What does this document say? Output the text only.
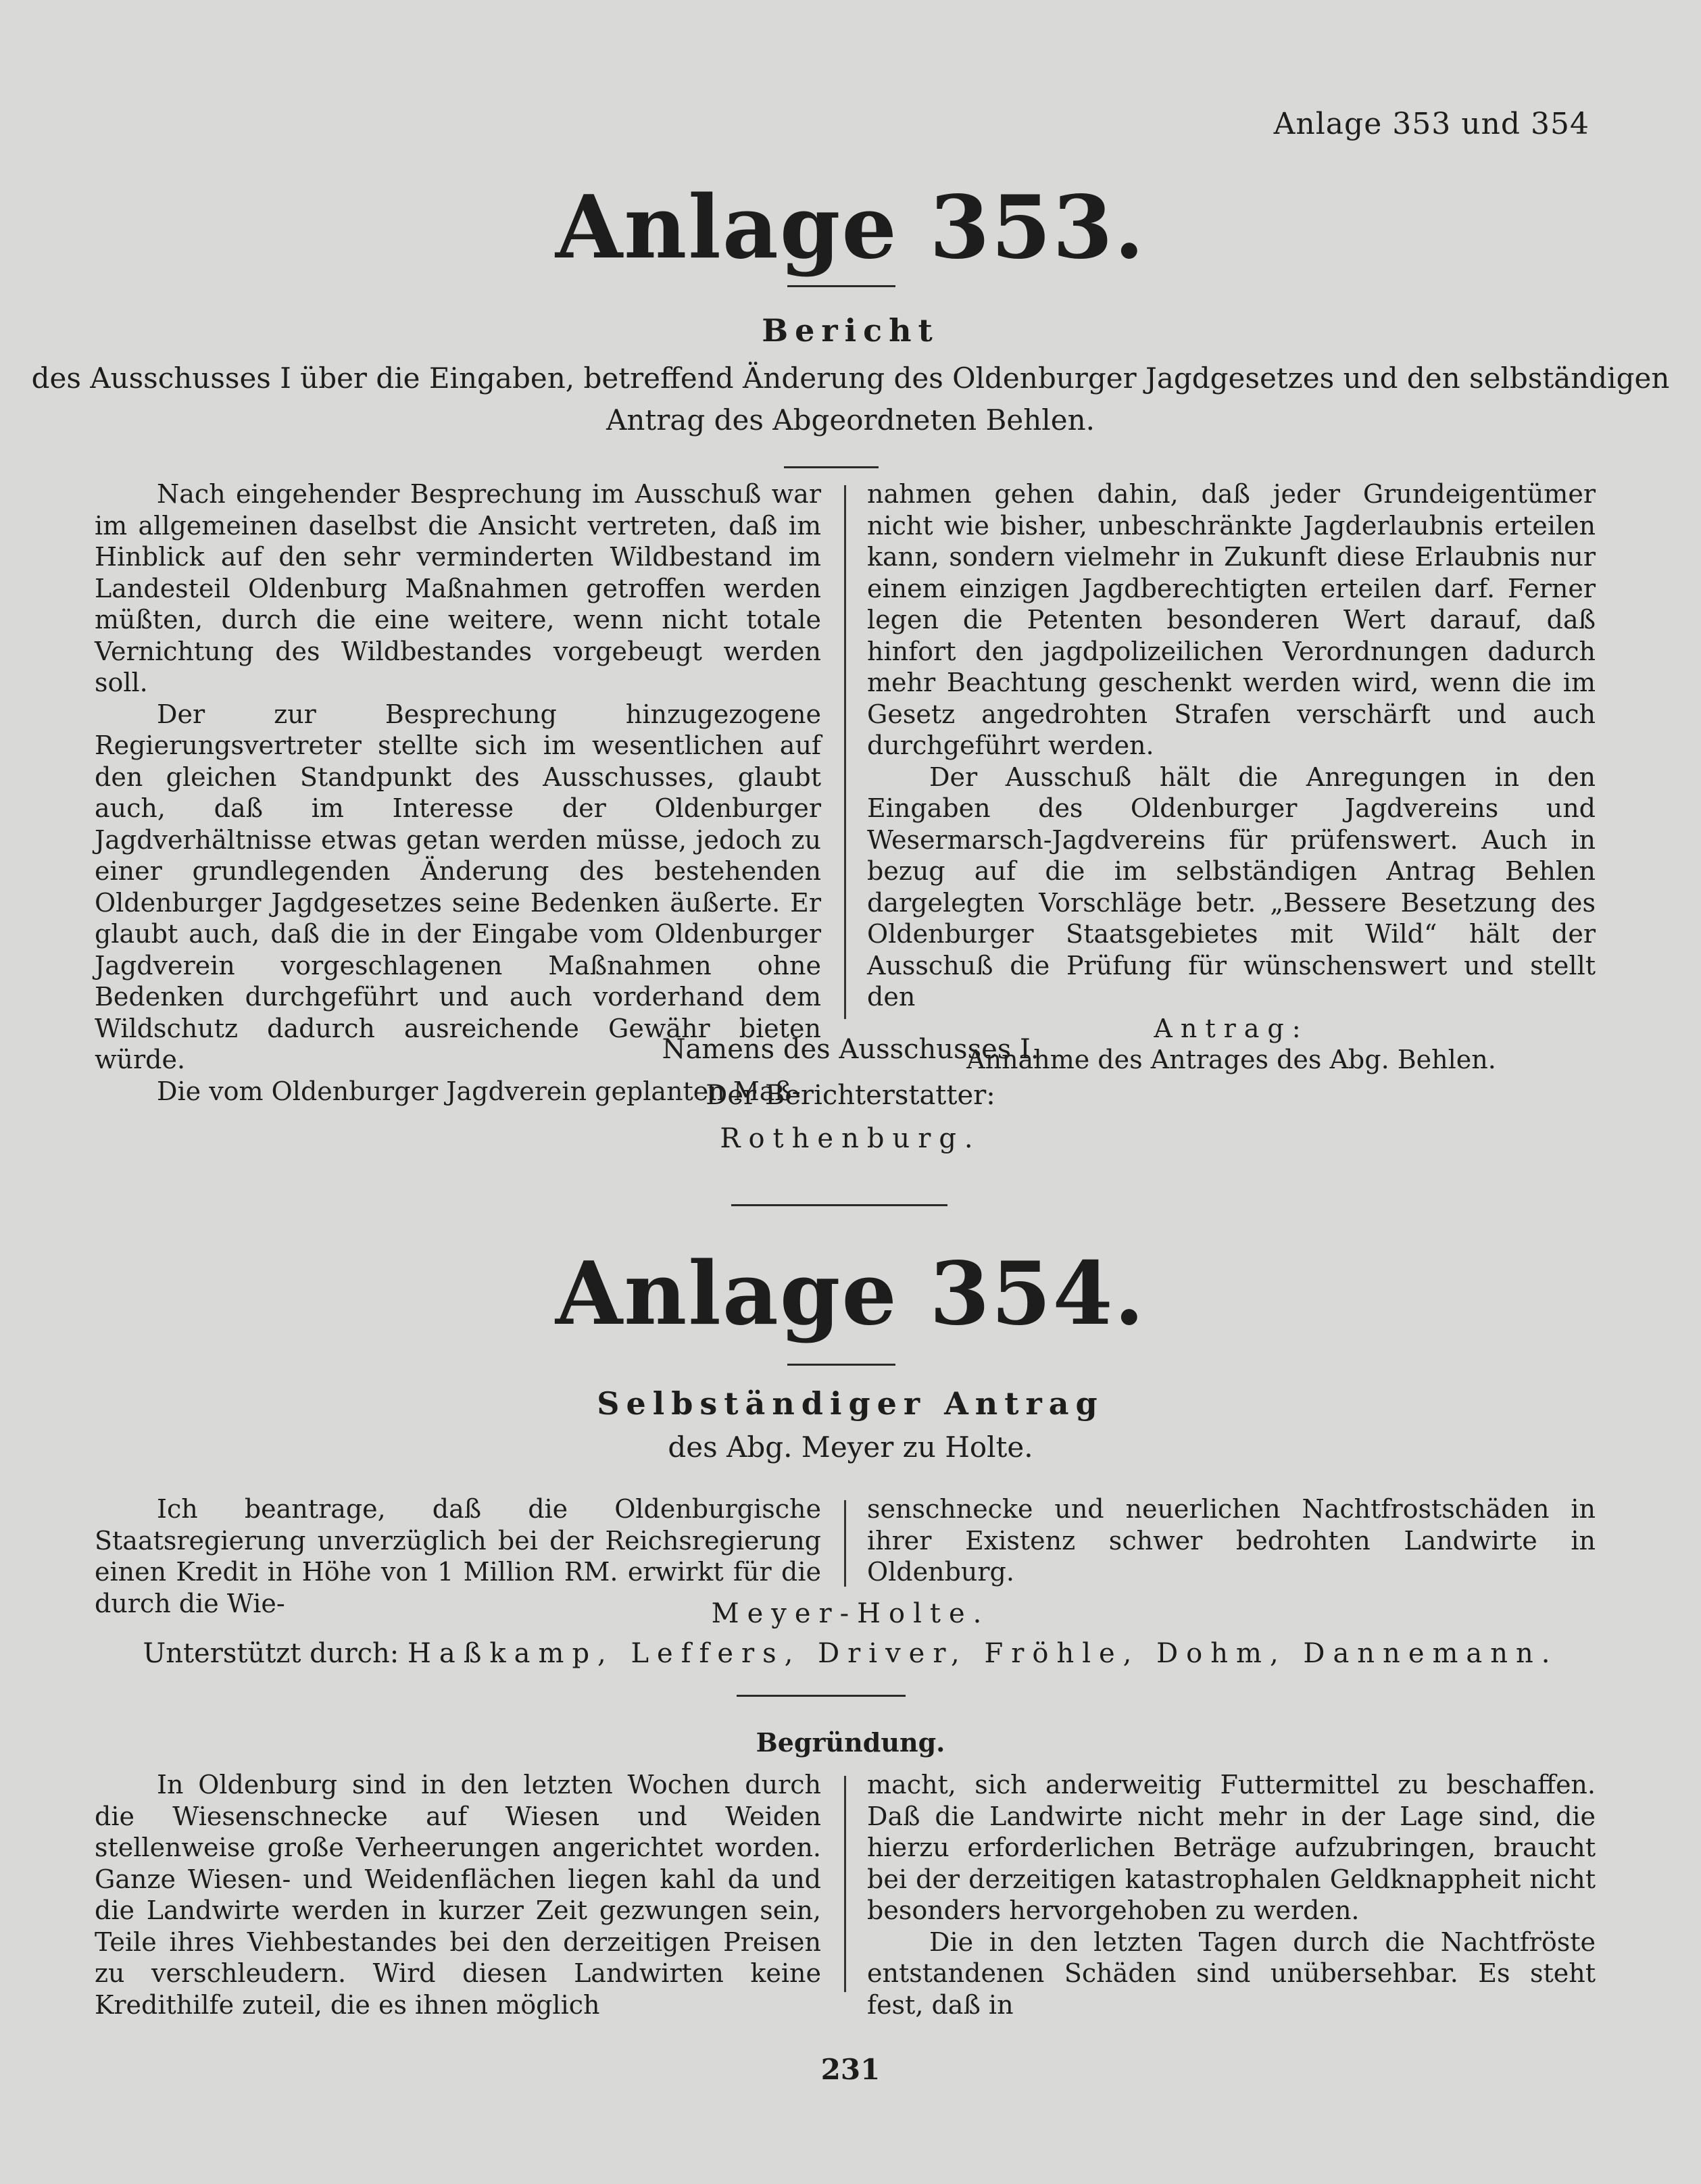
Anlage 353 und 354
Anlage 353.
Bericht
des Ausschusses I über die Eingaben, betreffend Änderung des Oldenburger Jagdgesetzes und den selbständigen
Antrag des Abgeordneten Behlen.

Nach eingehender Besprechung im Ausschuß war im allgemeinen daselbst die Ansicht vertreten, daß im Hinblick auf den sehr verminderten Wildbestand im Landesteil Oldenburg Maßnahmen getroffen werden müßten, durch die eine weitere, wenn nicht totale Vernichtung des Wildbestandes vorgebeugt werden soll.

Der zur Besprechung hinzugezogene Regierungsvertreter stellte sich im wesentlichen auf den gleichen Standpunkt des Ausschusses, glaubt auch, daß im Interesse der Oldenburger Jagdverhältnisse etwas getan werden müsse, jedoch zu einer grundlegenden Änderung des bestehenden Oldenburger Jagdgesetzes seine Bedenken äußerte. Er glaubt auch, daß die in der Eingabe vom Oldenburger Jagdverein vorgeschlagenen Maßnahmen ohne Bedenken durchgeführt und auch vorderhand dem Wildschutz dadurch ausreichende Gewähr bieten würde.

Die vom Oldenburger Jagdverein geplanten Maß-

nahmen gehen dahin, daß jeder Grundeigentümer nicht wie bisher, unbeschränkte Jagderlaubnis erteilen kann, sondern vielmehr in Zukunft diese Erlaubnis nur einem einzigen Jagdberechtigten erteilen darf. Ferner legen die Petenten besonderen Wert darauf, daß hinfort den jagdpolizeilichen Verordnungen dadurch mehr Beachtung geschenkt werden wird, wenn die im Gesetz angedrohten Strafen verschärft und auch durchgeführt werden.

Der Ausschuß hält die Anregungen in den Eingaben des Oldenburger Jagdvereins und Wesermarsch-Jagdvereins für prüfenswert. Auch in bezug auf die im selbständigen Antrag Behlen dargelegten Vorschläge betr. „Bessere Besetzung des Oldenburger Staatsgebietes mit Wild“ hält der Ausschuß die Prüfung für wünschenswert und stellt den

Antrag:

Annahme des Antrages des Abg. Behlen.

Namens des Ausschusses I.
Der Berichterstatter:
Rothenburg.
Anlage 354.
Selbständiger Antrag
des Abg. Meyer zu Holte.

Ich beantrage, daß die Oldenburgische Staatsregierung unverzüglich bei der Reichsregierung einen Kredit in Höhe von 1 Million RM. erwirkt für die durch die Wie-

senschnecke und neuerlichen Nachtfrostschäden in ihrer Existenz schwer bedrohten Landwirte in Oldenburg.

Meyer-Holte.
Unterstützt durch: Haßkamp, Leffers, Driver, Fröhle, Dohm, Dannemann.
Begründung.

In Oldenburg sind in den letzten Wochen durch die Wiesenschnecke auf Wiesen und Weiden stellenweise große Verheerungen angerichtet worden. Ganze Wiesen- und Weidenflächen liegen kahl da und die Landwirte werden in kurzer Zeit gezwungen sein, Teile ihres Viehbestandes bei den derzeitigen Preisen zu verschleudern. Wird diesen Landwirten keine Kredithilfe zuteil, die es ihnen möglich

macht, sich anderweitig Futtermittel zu beschaffen. Daß die Landwirte nicht mehr in der Lage sind, die hierzu erforderlichen Beträge aufzubringen, braucht bei der derzeitigen katastrophalen Geldknappheit nicht besonders hervorgehoben zu werden.

Die in den letzten Tagen durch die Nachtfröste entstandenen Schäden sind unübersehbar. Es steht fest, daß in

231
